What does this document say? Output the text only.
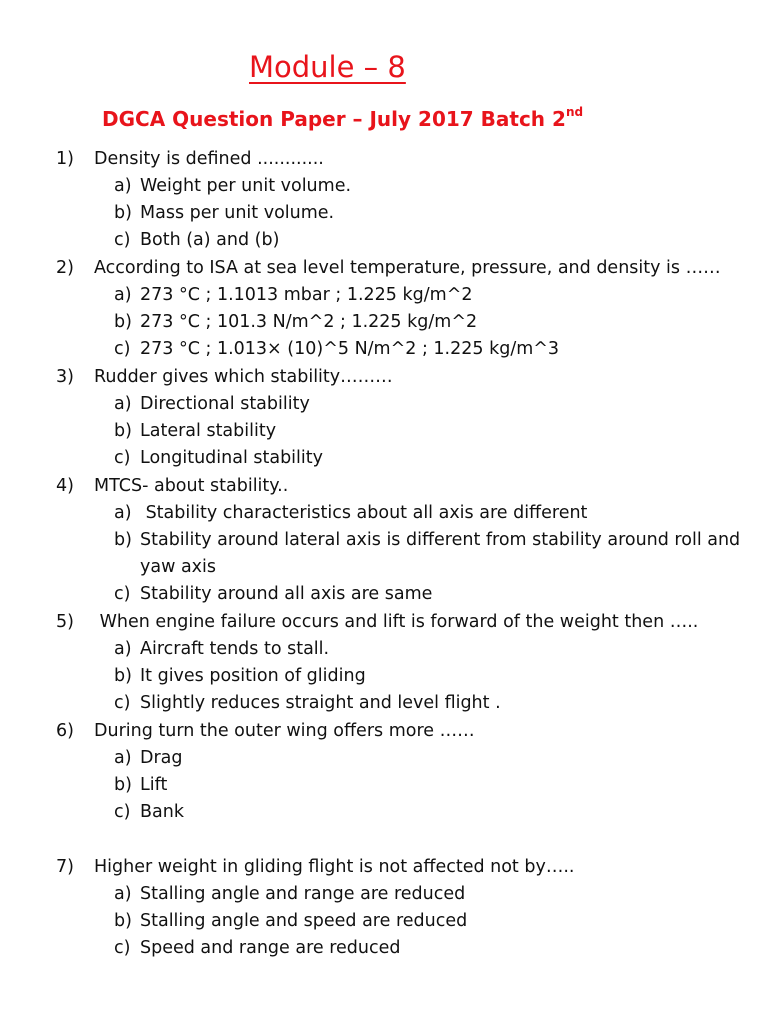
Module – 8
DGCA Question Paper – July 2017 Batch 2nd
1) Density is defined ............
a) Weight per unit volume.
b) Mass per unit volume.
c) Both (a) and (b)
2) According to ISA at sea level temperature, pressure, and density is ……
a) 273 °C ; 1.1013 mbar ; 1.225 kg/m^2
b) 273 °C ; 101.3 N/m^2 ; 1.225 kg/m^2
c) 273 °C ; 1.013× (10)^5 N/m^2 ; 1.225 kg/m^3
3) Rudder gives which stability………
a) Directional stability
b) Lateral stability
c) Longitudinal stability
4) MTCS- about stability..
a) Stability characteristics about all axis are different
b) Stability around lateral axis is different from stability around roll and
yaw axis
c) Stability around all axis are same
5) When engine failure occurs and lift is forward of the weight then …..
a) Aircraft tends to stall.
b) It gives position of gliding
c) Slightly reduces straight and level flight .
6) During turn the outer wing offers more ……
a) Drag
b) Lift
c) Bank
7) Higher weight in gliding flight is not affected not by…..
a) Stalling angle and range are reduced
b) Stalling angle and speed are reduced
c) Speed and range are reduced
